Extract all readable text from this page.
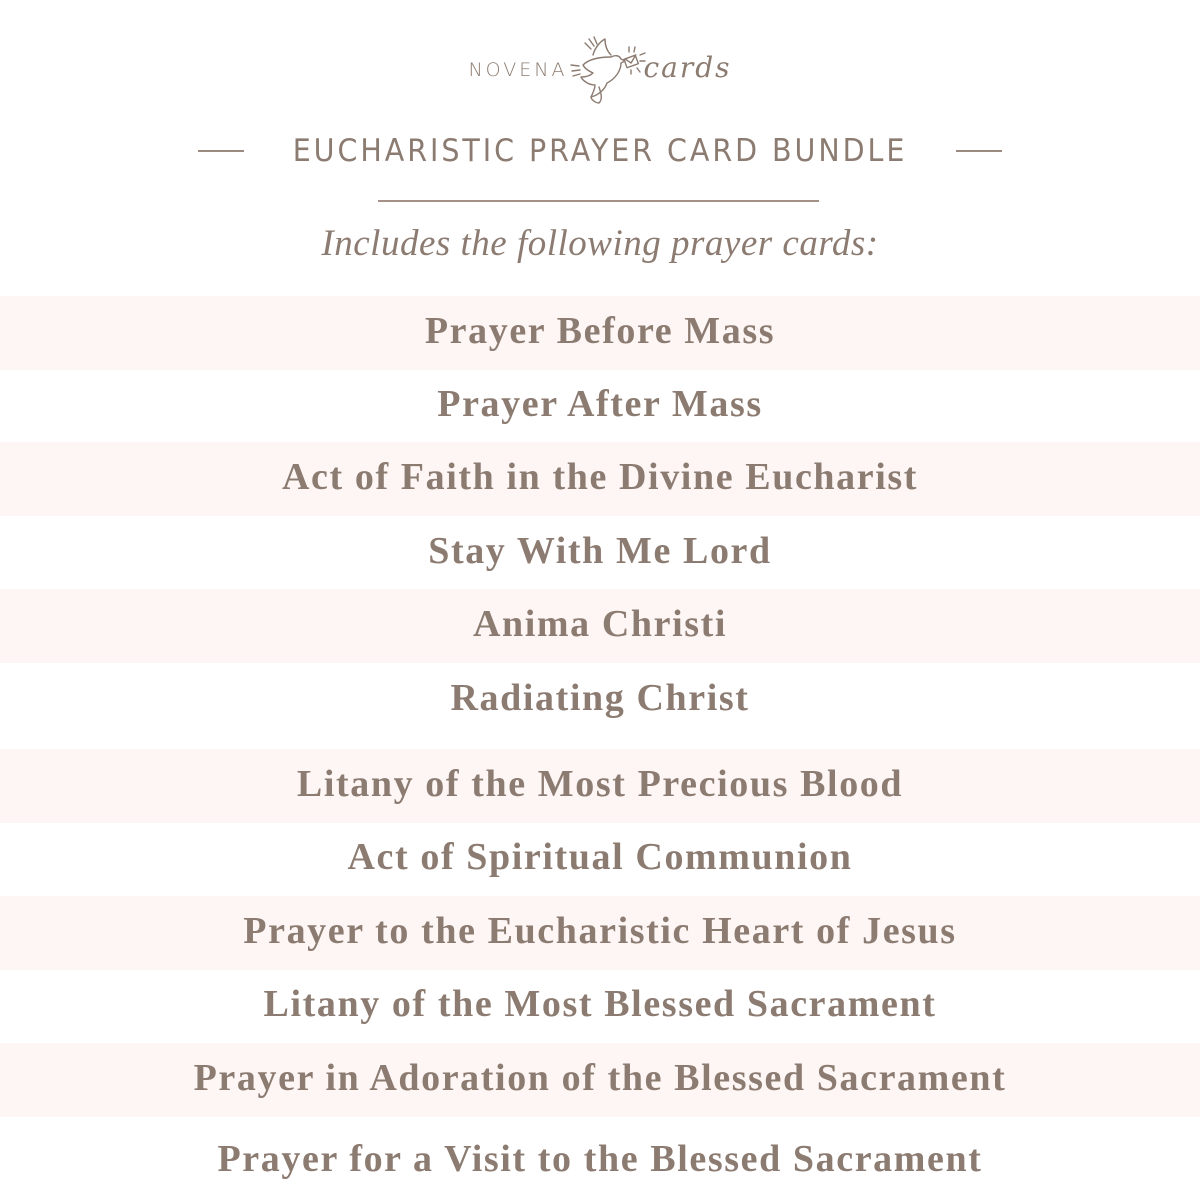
NOVENA	cards
EUCHARISTIC PRAYER CARD BUNDLE
Includes the following prayer cards:
Prayer Before Mass
Prayer After Mass
Act of Faith in the Divine Eucharist
Stay With Me Lord
Anima Christi
Radiating Christ
Litany of the Most Precious Blood
Act of Spiritual Communion
Prayer to the Eucharistic Heart of Jesus
Litany of the Most Blessed Sacrament
Prayer in Adoration of the Blessed Sacrament
Prayer for a Visit to the Blessed Sacrament
